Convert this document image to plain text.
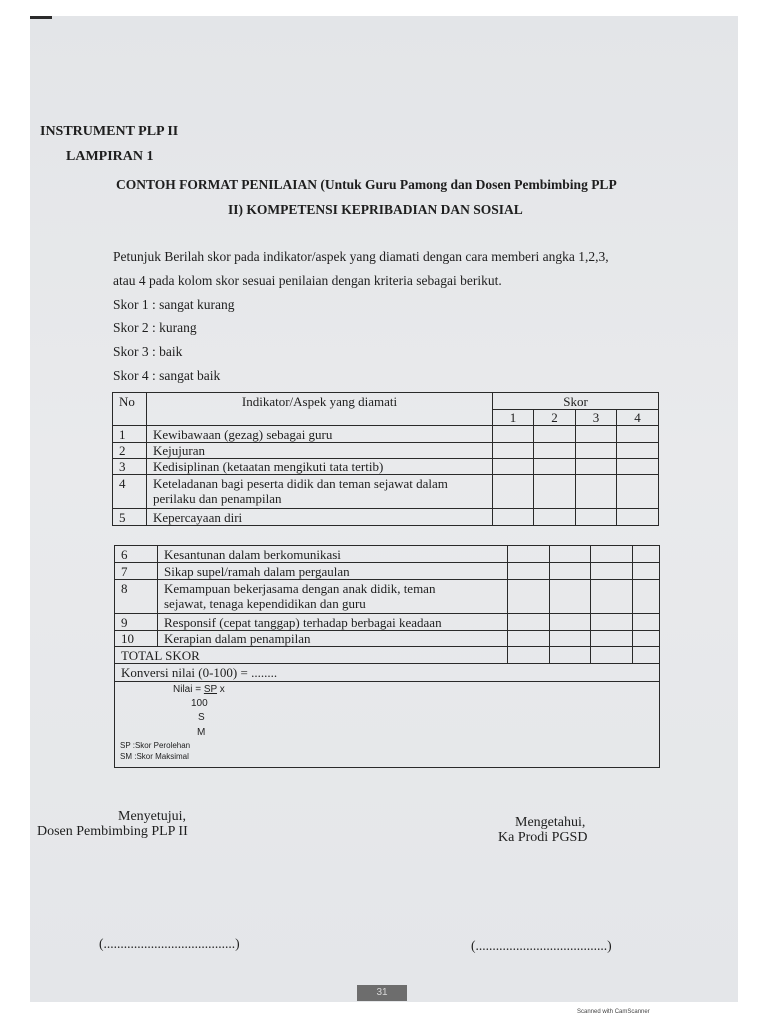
INSTRUMENT PLP II
LAMPIRAN 1
CONTOH FORMAT PENILAIAN (Untuk Guru Pamong dan Dosen Pembimbing PLP
II) KOMPETENSI KEPRIBADIAN DAN SOSIAL
Petunjuk Berilah skor pada indikator/aspek yang diamati dengan cara memberi angka 1,2,3,
atau 4 pada kolom skor sesuai penilaian dengan kriteria sebagai berikut.
Skor 1 : sangat kurang
Skor 2 : kurang
Skor 3 : baik
Skor 4 : sangat baik
No	Indikator/Aspek yang diamati	Skor			
		1	2	3	4
1	Kewibawaan (gezag) sebagai guru				
2	Kejujuran				
3	Kedisiplinan (ketaatan mengikuti tata tertib)				
4	Keteladanan bagi peserta didik dan teman sejawat dalam
perilaku dan penampilan				

5	Kepercayaan diri				
6	Kesantunan dalam berkomunikasi				
7	Sikap supel/ramah dalam pergaulan				
8	Kemampuan bekerjasama dengan anak didik, teman
sejawat, tenaga kependidikan dan guru				

9	Responsif (cepat tanggap) terhadap berbagai keadaan				
10	Kerapian dalam penampilan				
TOTAL SKOR					
Konversi nilai (0-100) = ........					

Nilai = SP x
100
S
M
SP :Skor Perolehan
SM :Skor Maksimal
Menyetujui,
Dosen Pembimbing PLP II
Mengetahui,
Ka Prodi PGSD
(.......................................)	(.......................................)
31
Scanned with CamScanner
